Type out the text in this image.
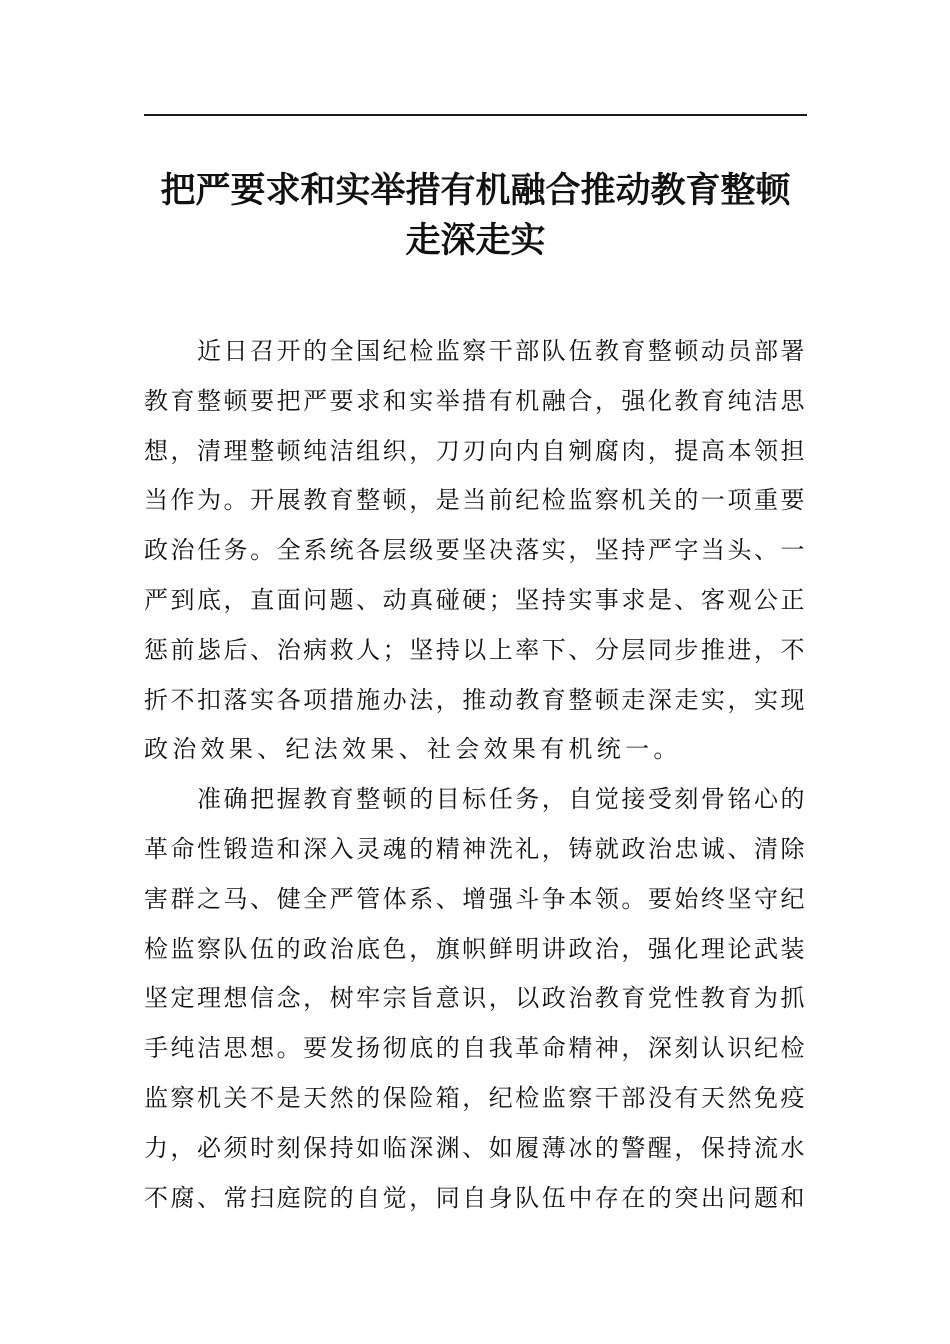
把严要求和实举措有机融合推动教育整顿
走深走实

　　近日召开的全国纪检监察干部队伍教育整顿动员部署
教育整顿要把严要求和实举措有机融合，强化教育纯洁思
想，清理整顿纯洁组织，刀刃向内自剜腐肉，提高本领担
当作为。开展教育整顿，是当前纪检监察机关的一项重要
政治任务。全系统各层级要坚决落实，坚持严字当头、一
严到底，直面问题、动真碰硬；坚持实事求是、客观公正
惩前毖后、治病救人；坚持以上率下、分层同步推进，不
折不扣落实各项措施办法，推动教育整顿走深走实，实现
政治效果、纪法效果、社会效果有机统一。

　　准确把握教育整顿的目标任务，自觉接受刻骨铭心的
革命性锻造和深入灵魂的精神洗礼，铸就政治忠诚、清除
害群之马、健全严管体系、增强斗争本领。要始终坚守纪
检监察队伍的政治底色，旗帜鲜明讲政治，强化理论武装
坚定理想信念，树牢宗旨意识，以政治教育党性教育为抓
手纯洁思想。要发扬彻底的自我革命精神，深刻认识纪检
监察机关不是天然的保险箱，纪检监察干部没有天然免疫
力，必须时刻保持如临深渊、如履薄冰的警醒，保持流水
不腐、常扫庭院的自觉，同自身队伍中存在的突出问题和
